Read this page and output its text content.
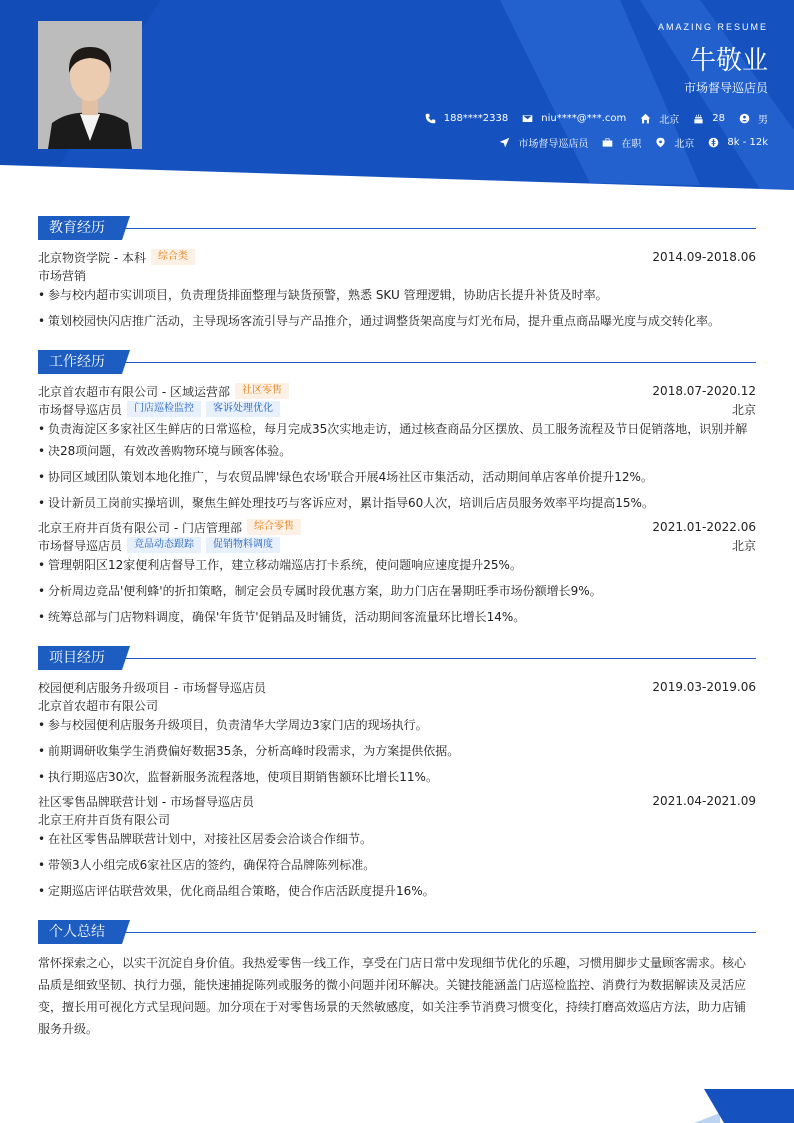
AMAZING RESUME
牛敬业
市场督导巡店员
188****2338	niu****@***.com	北京	28	男
市场督导巡店员	在职	北京	8k - 12k
教育经历
北京物资学院 - 本科	综合类	2014.09-2018.06
市场营销
• 参与校内超市实训项目，负责理货排面整理与缺货预警，熟悉 SKU 管理逻辑，协助店长提升补货及时率。
• 策划校园快闪店推广活动，主导现场客流引导与产品推介，通过调整货架高度与灯光布局，提升重点商品曝光度与成交转化率。
工作经历
北京首农超市有限公司 - 区域运营部	社区零售	2018.07-2020.12
市场督导巡店员	门店巡检监控	客诉处理优化	北京
• 负责海淀区多家社区生鲜店的日常巡检，每月完成35次实地走访，通过核查商品分区摆放、员工服务流程及节日促销落地，识别并解
• 决28项问题，有效改善购物环境与顾客体验。
• 协同区域团队策划本地化推广，与农贸品牌'绿色农场'联合开展4场社区市集活动，活动期间单店客单价提升12%。
• 设计新员工岗前实操培训，聚焦生鲜处理技巧与客诉应对，累计指导60人次，培训后店员服务效率平均提高15%。
北京王府井百货有限公司 - 门店管理部	综合零售	2021.01-2022.06
市场督导巡店员	竞品动态跟踪	促销物料调度	北京
• 管理朝阳区12家便利店督导工作，建立移动端巡店打卡系统，使问题响应速度提升25%。
• 分析周边竞品'便利蜂'的折扣策略，制定会员专属时段优惠方案，助力门店在暑期旺季市场份额增长9%。
• 统筹总部与门店物料调度，确保'年货节'促销品及时铺货，活动期间客流量环比增长14%。
项目经历
校园便利店服务升级项目 - 市场督导巡店员	2019.03-2019.06
北京首农超市有限公司
• 参与校园便利店服务升级项目，负责清华大学周边3家门店的现场执行。
• 前期调研收集学生消费偏好数据35条，分析高峰时段需求，为方案提供依据。
• 执行期巡店30次，监督新服务流程落地，使项目期销售额环比增长11%。
社区零售品牌联营计划 - 市场督导巡店员	2021.04-2021.09
北京王府井百货有限公司
• 在社区零售品牌联营计划中，对接社区居委会洽谈合作细节。
• 带领3人小组完成6家社区店的签约，确保符合品牌陈列标准。
• 定期巡店评估联营效果，优化商品组合策略，使合作店活跃度提升16%。
个人总结
常怀探索之心，以实干沉淀自身价值。我热爱零售一线工作，享受在门店日常中发现细节优化的乐趣，习惯用脚步丈量顾客需求。核心品质是细致坚韧、执行力强，能快速捕捉陈列或服务的微小问题并闭环解决。关键技能涵盖门店巡检监控、消费行为数据解读及灵活应变，擅长用可视化方式呈现问题。加分项在于对零售场景的天然敏感度，如关注季节消费习惯变化，持续打磨高效巡店方法，助力店铺服务升级。
